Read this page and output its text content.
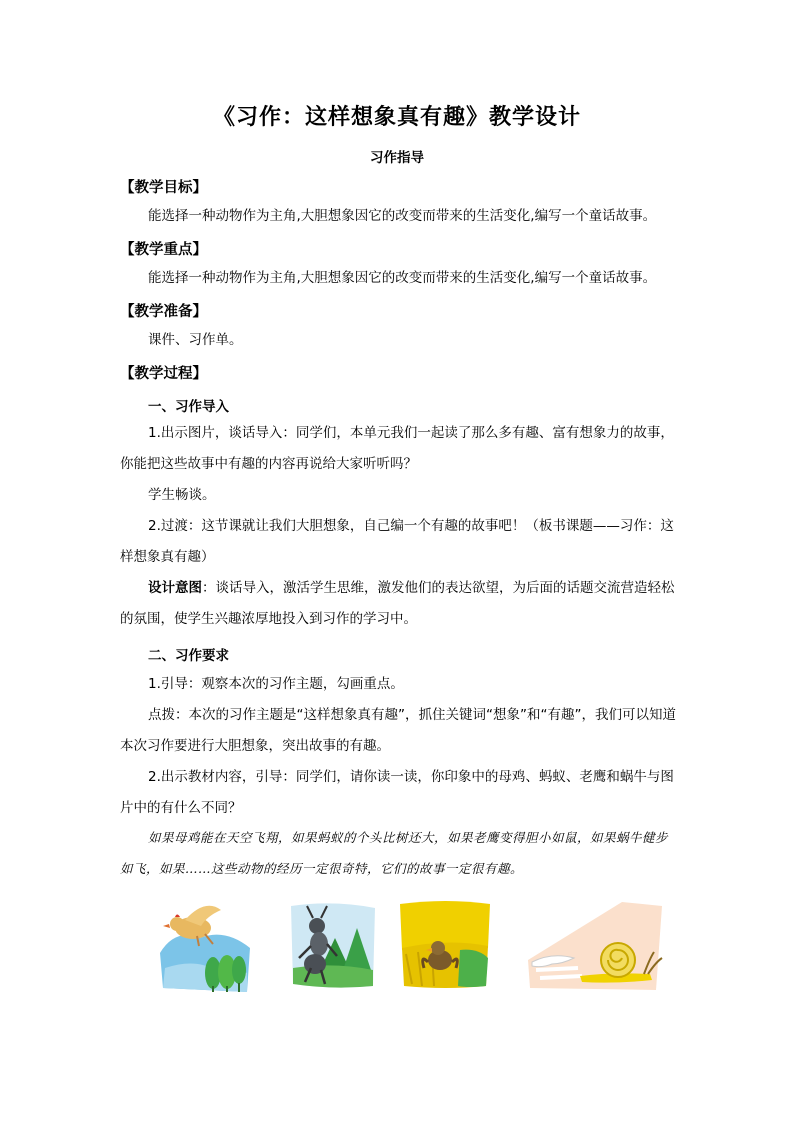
《习作：这样想象真有趣》教学设计
习作指导
【教学目标】
能选择一种动物作为主角,大胆想象因它的改变而带来的生活变化,编写一个童话故事。
【教学重点】
能选择一种动物作为主角,大胆想象因它的改变而带来的生活变化,编写一个童话故事。
【教学准备】
课件、习作单。
【教学过程】
一、习作导入
1.出示图片，谈话导入：同学们，本单元我们一起读了那么多有趣、富有想象力的故事，你能把这些故事中有趣的内容再说给大家听听吗？
学生畅谈。
2.过渡：这节课就让我们大胆想象，自己编一个有趣的故事吧！（板书课题——习作：这样想象真有趣）
设计意图：谈话导入，激活学生思维，激发他们的表达欲望，为后面的话题交流营造轻松的氛围，使学生兴趣浓厚地投入到习作的学习中。
二、习作要求
1.引导：观察本次的习作主题，勾画重点。
点拨：本次的习作主题是“这样想象真有趣”，抓住关键词“想象”和“有趣”，我们可以知道本次习作要进行大胆想象，突出故事的有趣。
2.出示教材内容，引导：同学们，请你读一读，你印象中的母鸡、蚂蚁、老鹰和蜗牛与图片中的有什么不同？
如果母鸡能在天空飞翔，如果蚂蚁的个头比树还大，如果老鹰变得胆小如鼠，如果蜗牛健步如飞，如果……这些动物的经历一定很奇特，它们的故事一定很有趣。
